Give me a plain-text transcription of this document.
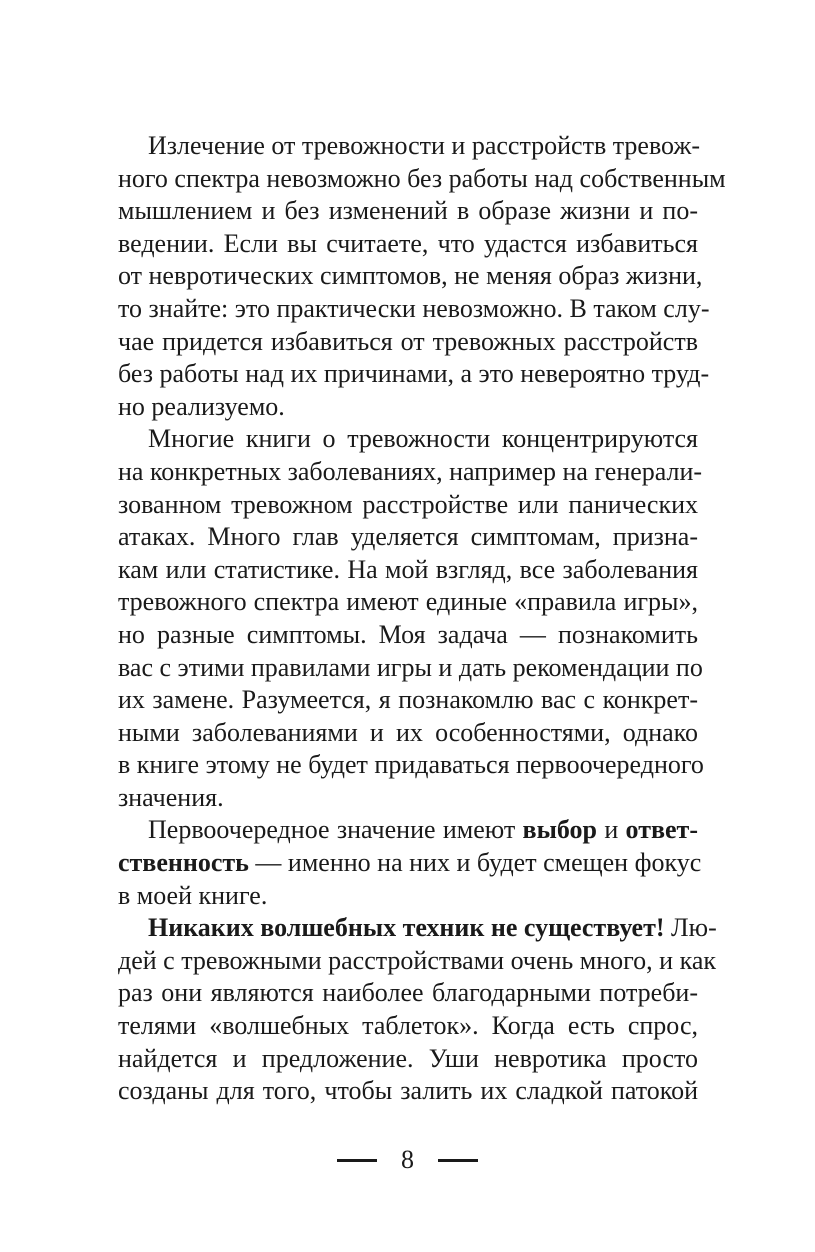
Излечение от тревожности и расстройств тревож-
ного спектра невозможно без работы над собственным
мышлением и без изменений в образе жизни и по-
ведении. Если вы считаете, что удастся избавиться
от невротических симптомов, не меняя образ жизни,
то знайте: это практически невозможно. В таком слу-
чае придется избавиться от тревожных расстройств
без работы над их причинами, а это невероятно труд-
но реализуемо.
Многие книги о тревожности концентрируются
на конкретных заболеваниях, например на генерали-
зованном тревожном расстройстве или панических
атаках. Много глав уделяется симптомам, призна-
кам или статистике. На мой взгляд, все заболевания
тревожного спектра имеют единые «правила игры»,
но разные симптомы. Моя задача — познакомить
вас с этими правилами игры и дать рекомендации по
их замене. Разумеется, я познакомлю вас с конкрет-
ными заболеваниями и их особенностями, однако
в книге этому не будет придаваться первоочередного
значения.
Первоочередное значение имеют выбор и ответ-
ственность — именно на них и будет смещен фокус
в моей книге.
Никаких волшебных техник не существует! Лю-
дей с тревожными расстройствами очень много, и как
раз они являются наиболее благодарными потреби-
телями «волшебных таблеток». Когда есть спрос,
найдется и предложение. Уши невротика просто
созданы для того, чтобы залить их сладкой патокой
8
